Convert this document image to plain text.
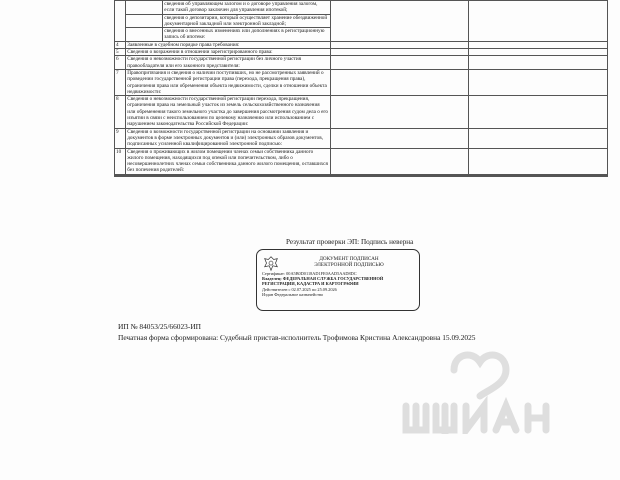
	сведения об управляющем залогом и о договоре управления залогом, если такой договор заключен для управления ипотекой;
сведения о депозитарии, который осуществляет хранение обездвиженной документарной закладной или электронной закладной;
сведения о внесенных изменениях или дополнениях в регистрационную запись об ипотеке:		

4	Заявленные в судебном порядке права требования:		
5	Сведения о возражении в отношении зарегистрированного права:		
6	Сведения о невозможности государственной регистрации без личного участия правообладателя или его законного представителя:		
7	Правопритязания и сведения о наличии поступивших, но не рассмотренных заявлений о проведении государственной регистрации права (перехода, прекращения права), ограничения права или обременения объекта недвижимости, сделки в отношении объекта недвижимости:		
8	Сведения о невозможности государственной регистрации перехода, прекращения, ограничения права на земельный участок из земель сельскохозяйственного назначения или обременения такого земельного участка до завершения рассмотрения судом дела о его изъятии в связи с неиспользованием по целевому назначению или использованием с нарушением законодательства Российской Федерации:		
9	Сведения о возможности государственной регистрации на основании заявления и документов в форме электронных документов и (или) электронных образов документов, подписанных усиленной квалифицированной электронной подписью:		
10	Сведения о проживающих в жилом помещении членах семьи собственника данного жилого помещения, находящихся под опекой или попечительством, либо о несовершеннолетних членах семьи собственника данного жилого помещения, оставшихся без попечения родителей:		

Результат проверки ЭП: Подпись неверна
ДОКУМЕНТ ПОДПИСАН
ЭЛЕКТРОННОЙ ПОДПИСЬЮ
Сертификат: 00A5B0D0118AD1FE0AAD5AAD8DC
Владелец: ФЕДЕРАЛЬНАЯ СЛУЖБА ГОСУДАРСТВЕННОЙ
РЕГИСТРАЦИИ, КАДАСТРА И КАРТОГРАФИИ
Действителен с 02.07.2025 по 25.09.2026
Издан Федеральное казначейство
ИП № 84053/25/66023-ИП
Печатная форма сформирована: Судебный пристав-исполнитель Трофимова Кристина Александровна 15.09.2025
